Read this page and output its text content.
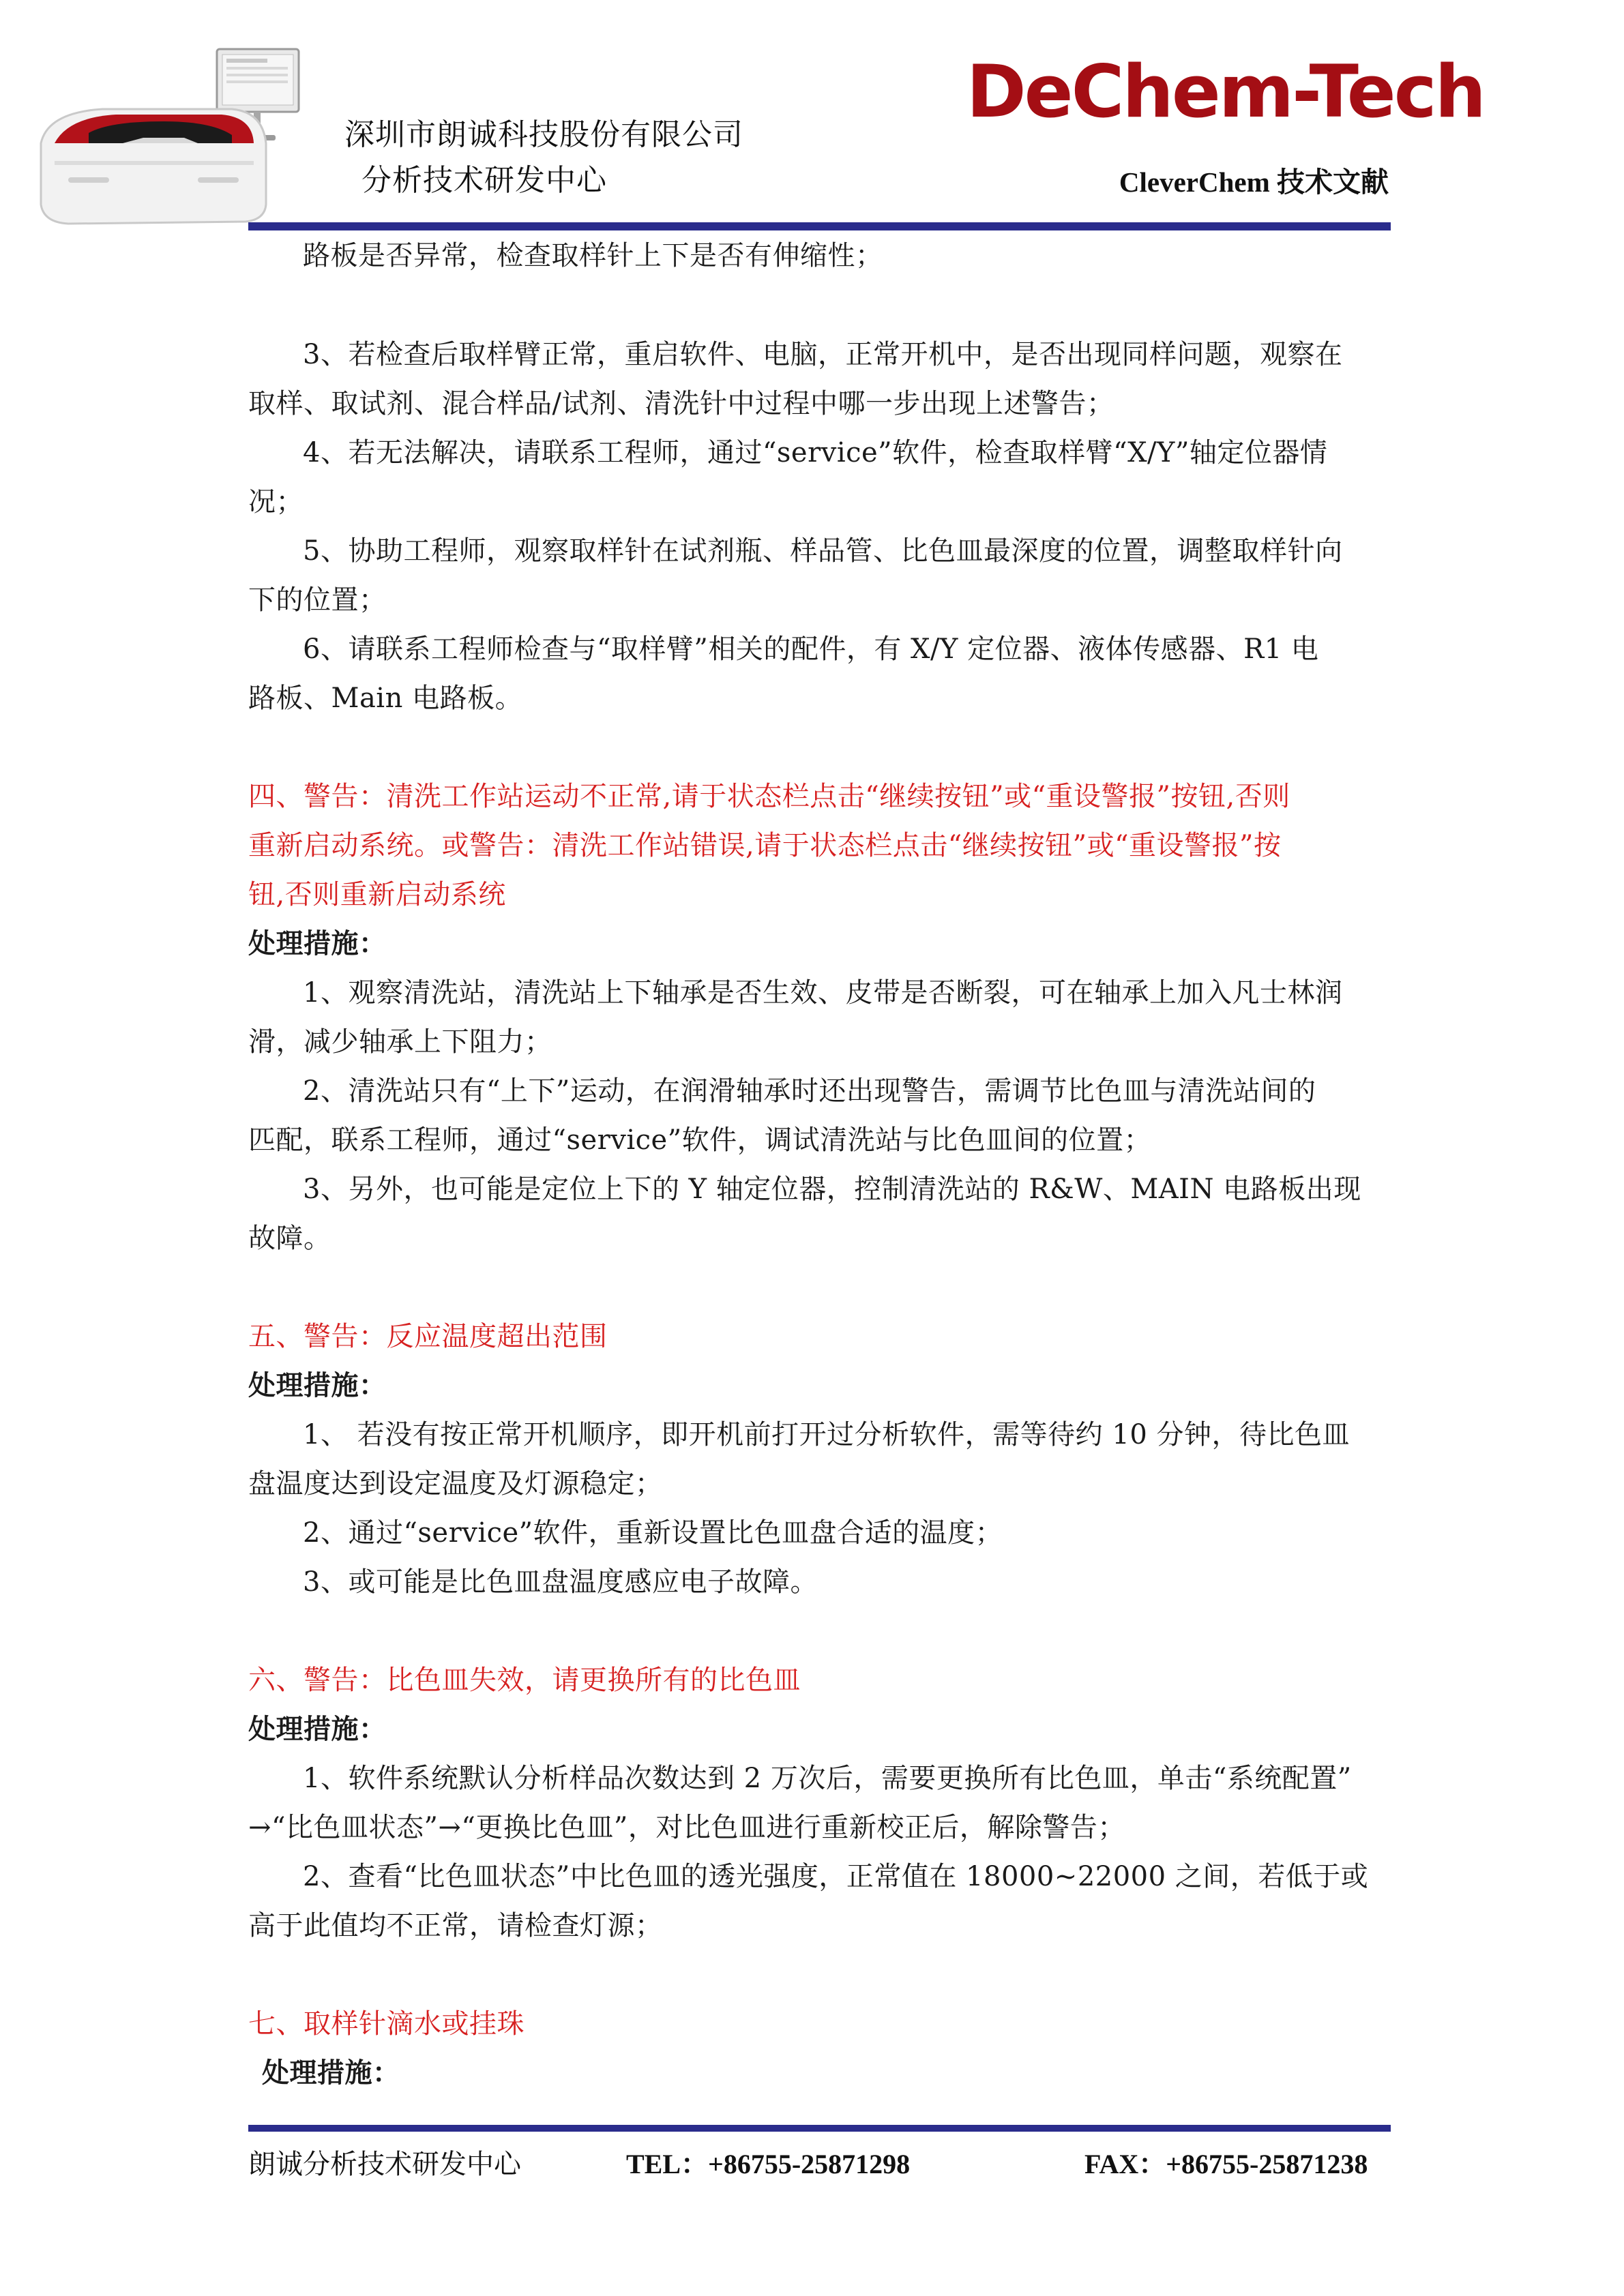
深圳市朗诚科技股份有限公司
分析技术研发中心
DeChem-Tech
CleverChem 技术文献
路板是否异常，检查取样针上下是否有伸缩性；
3、若检查后取样臂正常，重启软件、电脑，正常开机中，是否出现同样问题，观察在
取样、取试剂、混合样品/试剂、清洗针中过程中哪一步出现上述警告；
4、若无法解决，请联系工程师，通过“service”软件，检查取样臂“X/Y”轴定位器情
况；
5、协助工程师，观察取样针在试剂瓶、样品管、比色皿最深度的位置，调整取样针向
下的位置；
6、请联系工程师检查与“取样臂”相关的配件，有 X/Y 定位器、液体传感器、R1 电
路板、Main 电路板。
四、警告：清洗工作站运动不正常,请于状态栏点击“继续按钮”或“重设警报”按钮,否则
重新启动系统。或警告：清洗工作站错误,请于状态栏点击“继续按钮”或“重设警报”按
钮,否则重新启动系统
处理措施：
1、观察清洗站，清洗站上下轴承是否生效、皮带是否断裂，可在轴承上加入凡士林润
滑，减少轴承上下阻力；
2、清洗站只有“上下”运动，在润滑轴承时还出现警告，需调节比色皿与清洗站间的
匹配，联系工程师，通过“service”软件，调试清洗站与比色皿间的位置；
3、另外，也可能是定位上下的 Y 轴定位器，控制清洗站的 R&W、MAIN 电路板出现
故障。
五、警告：反应温度超出范围
处理措施：
1、 若没有按正常开机顺序，即开机前打开过分析软件，需等待约 10 分钟，待比色皿
盘温度达到设定温度及灯源稳定；
2、通过“service”软件，重新设置比色皿盘合适的温度；
3、或可能是比色皿盘温度感应电子故障。
六、警告：比色皿失效，请更换所有的比色皿
处理措施：
1、软件系统默认分析样品次数达到 2 万次后，需要更换所有比色皿，单击“系统配置”
→“比色皿状态”→“更换比色皿”，对比色皿进行重新校正后，解除警告；
2、查看“比色皿状态”中比色皿的透光强度，正常值在 18000~22000 之间，若低于或
高于此值均不正常，请检查灯源；
七、取样针滴水或挂珠
处理措施：
朗诚分析技术研发中心	TEL：+86755-25871298	FAX：+86755-25871238
